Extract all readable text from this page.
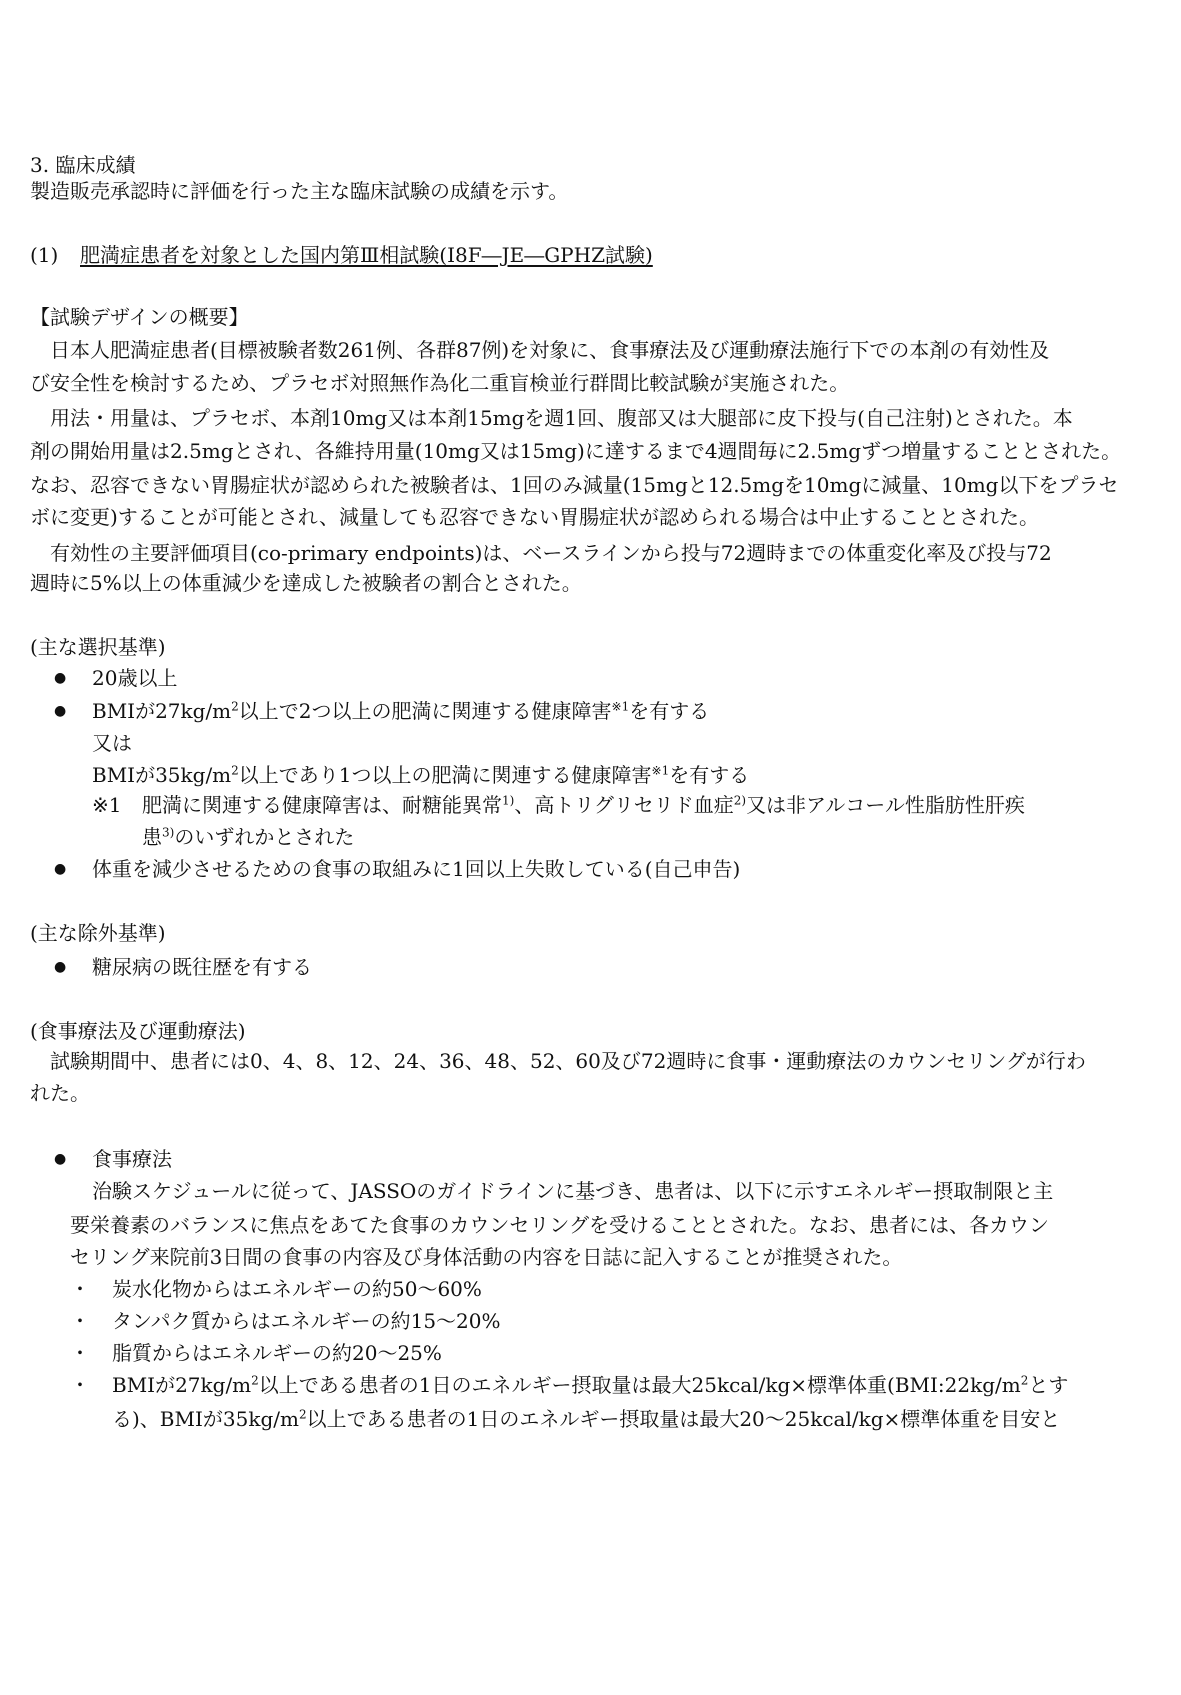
3. 臨床成績
製造販売承認時に評価を行った主な臨床試験の成績を示す。
(1) 肥満症患者を対象とした国内第Ⅲ相試験(I8F―JE―GPHZ試験)
【試験デザインの概要】
日本人肥満症患者(目標被験者数261例、各群87例)を対象に、食事療法及び運動療法施行下での本剤の有効性及
び安全性を検討するため、プラセボ対照無作為化二重盲検並行群間比較試験が実施された。
用法・用量は、プラセボ、本剤10mg又は本剤15mgを週1回、腹部又は大腿部に皮下投与(自己注射)とされた。本
剤の開始用量は2.5mgとされ、各維持用量(10mg又は15mg)に達するまで4週間毎に2.5mgずつ増量することとされた。
なお、忍容できない胃腸症状が認められた被験者は、1回のみ減量(15mgと12.5mgを10mgに減量、10mg以下をプラセ
ボに変更)することが可能とされ、減量しても忍容できない胃腸症状が認められる場合は中止することとされた。
有効性の主要評価項目(co-primary endpoints)は、ベースラインから投与72週時までの体重変化率及び投与72
週時に5%以上の体重減少を達成した被験者の割合とされた。
(主な選択基準)
● 20歳以上
● BMIが$27kg/m^2$以上で2つ以上の肥満に関連する健康障害$^{※1}$を有する
又は
BMIが$35kg/m^2$以上であり1つ以上の肥満に関連する健康障害$^{※1}$を有する
※1 肥満に関連する健康障害は、耐糖能異常$^{1)}$、高トリグリセリド血症$^{2)}$又は非アルコール性脂肪性肝疾
患$^{3)}$のいずれかとされた
● 体重を減少させるための食事の取組みに1回以上失敗している(自己申告)
(主な除外基準)
● 糖尿病の既往歴を有する
(食事療法及び運動療法)
試験期間中、患者には0、4、8、12、24、36、48、52、60及び72週時に食事・運動療法のカウンセリングが行わ
れた。
● 食事療法
治験スケジュールに従って、JASSOのガイドラインに基づき、患者は、以下に示すエネルギー摂取制限と主
要栄養素のバランスに焦点をあてた食事のカウンセリングを受けることとされた。なお、患者には、各カウン
セリング来院前3日間の食事の内容及び身体活動の内容を日誌に記入することが推奨された。
・ 炭水化物からはエネルギーの約50～60%
・ タンパク質からはエネルギーの約15～20%
・ 脂質からはエネルギーの約20～25%
・ BMIが$27kg/m^2$以上である患者の1日のエネルギー摂取量は最大25kcal/kg×標準体重($BMI:22kg/m^2$とす
る)、BMIが$35kg/m^2$以上である患者の1日のエネルギー摂取量は最大20～25kcal/kg×標準体重を目安と
